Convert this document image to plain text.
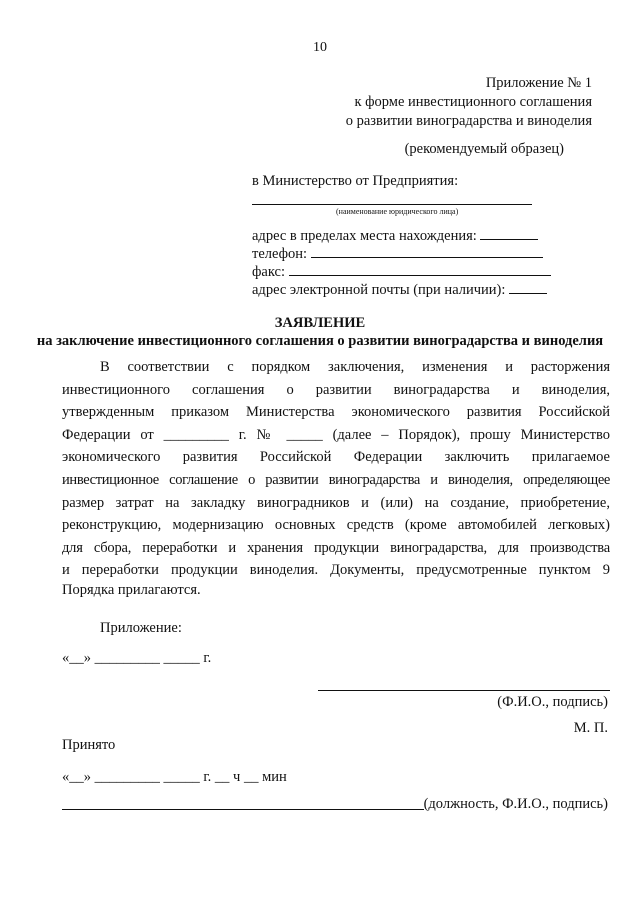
10
Приложение № 1
к форме инвестиционного соглашения
о развитии виноградарства и виноделия
(рекомендуемый образец)
в Министерство от Предприятия:
(наименование юридического лица)
адрес в пределах места нахождения:
телефон:
факс:
адрес электронной почты (при наличии):
ЗАЯВЛЕНИЕ
на заключение инвестиционного соглашения о развитии виноградарства и виноделия
В соответствии с порядком заключения, изменения и расторжения
инвестиционного соглашения о развитии виноградарства и виноделия,
утвержденным приказом Министерства экономического развития Российской
Федерации от _________ г. № _____ (далее – Порядок), прошу Министерство
экономического развития Российской Федерации заключить прилагаемое
инвестиционное соглашение о развитии виноградарства и виноделия, определяющее
размер затрат на закладку виноградников и (или) на создание, приобретение,
реконструкцию, модернизацию основных средств (кроме автомобилей легковых)
для сбора, переработки и хранения продукции виноградарства, для производства
и переработки продукции виноделия. Документы, предусмотренные пунктом 9
Порядка прилагаются.
Приложение:
«__» _________ _____ г.
(Ф.И.О., подпись)
М. П.
Принято
«__» _________ _____ г. __ ч __ мин
(должность, Ф.И.О., подпись)
